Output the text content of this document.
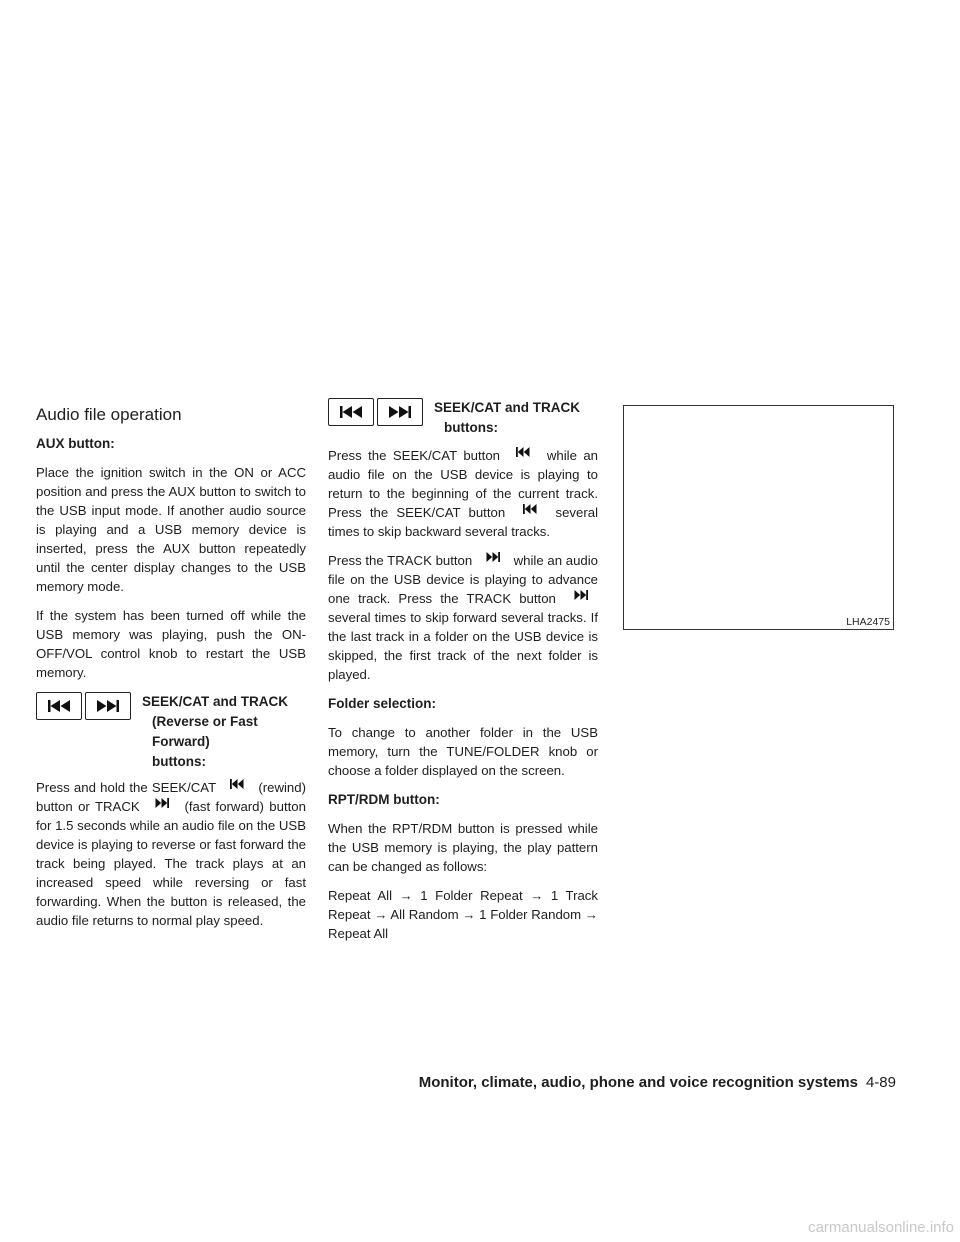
Audio file operation
AUX button:

Place the ignition switch in the ON or ACC position and press the AUX button to switch to the USB input mode. If another audio source is playing and a USB memory device is inserted, press the AUX button repeatedly until the center display changes to the USB memory mode.

If the system has been turned off while the USB memory was playing, push the ON-OFF/VOL control knob to restart the USB memory.

SEEK/CAT and TRACK
(Reverse or Fast Forward)
buttons:

Press and hold the SEEK/CAT	(rewind) button or TRACK	(fast forward) button for 1.5 seconds while an audio file on the USB device is playing to reverse or fast forward the track being played. The track plays at an increased speed while reversing or fast forwarding. When the button is released, the audio file returns to normal play speed.

SEEK/CAT and TRACK
buttons:

Press the SEEK/CAT button	while an audio file on the USB device is playing to return to the beginning of the current track. Press the SEEK/CAT button	several times to skip backward several tracks.

Press the TRACK button	while an audio file on the USB device is playing to advance one track. Press the TRACK button  several times to skip forward several tracks. If the last track in a folder on the USB device is skipped, the first track of the next folder is played.

Folder selection:

To change to another folder in the USB memory, turn the TUNE/FOLDER knob or choose a folder displayed on the screen.

RPT/RDM button:

When the RPT/RDM button is pressed while the USB memory is playing, the play pattern can be changed as follows:

Repeat All → 1 Folder Repeat → 1 Track Repeat → All Random → 1 Folder Random → Repeat All

LHA2475
Monitor, climate, audio, phone and voice recognition systems 4-89
carmanualsonline.info
